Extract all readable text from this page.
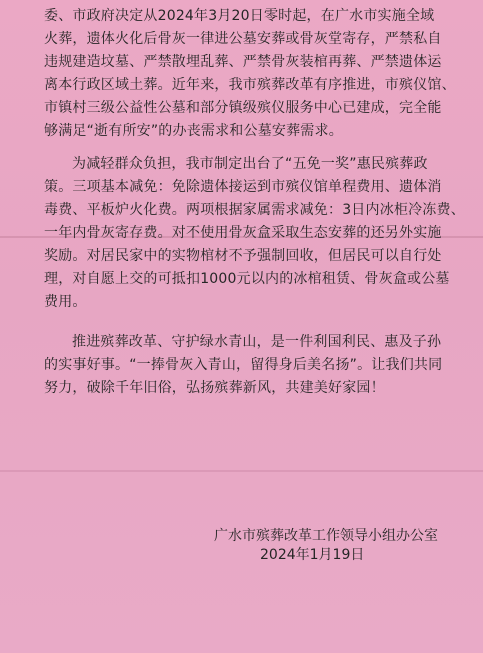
委、市政府决定从2024年3月20日零时起，在广水市实施全域
火葬，遗体火化后骨灰一律进公墓安葬或骨灰堂寄存，严禁私自
违规建造坟墓、严禁散埋乱葬、严禁骨灰装棺再葬、严禁遗体运
离本行政区域土葬。近年来，我市殡葬改革有序推进，市殡仪馆、
市镇村三级公益性公墓和部分镇级殡仪服务中心已建成，完全能
够满足“逝有所安”的办丧需求和公墓安葬需求。
为减轻群众负担，我市制定出台了“五免一奖”惠民殡葬政
策。三项基本减免：免除遗体接运到市殡仪馆单程费用、遗体消
毒费、平板炉火化费。两项根据家属需求减免：3日内冰柜冷冻费、
一年内骨灰寄存费。对不使用骨灰盒采取生态安葬的还另外实施
奖励。对居民家中的实物棺材不予强制回收，但居民可以自行处
理，对自愿上交的可抵扣1000元以内的冰棺租赁、骨灰盒或公墓
费用。
推进殡葬改革、守护绿水青山，是一件利国利民、惠及子孙
的实事好事。“一捧骨灰入青山，留得身后美名扬”。让我们共同
努力，破除千年旧俗，弘扬殡葬新风，共建美好家园！
广水市殡葬改革工作领导小组办公室
2024年1月19日
